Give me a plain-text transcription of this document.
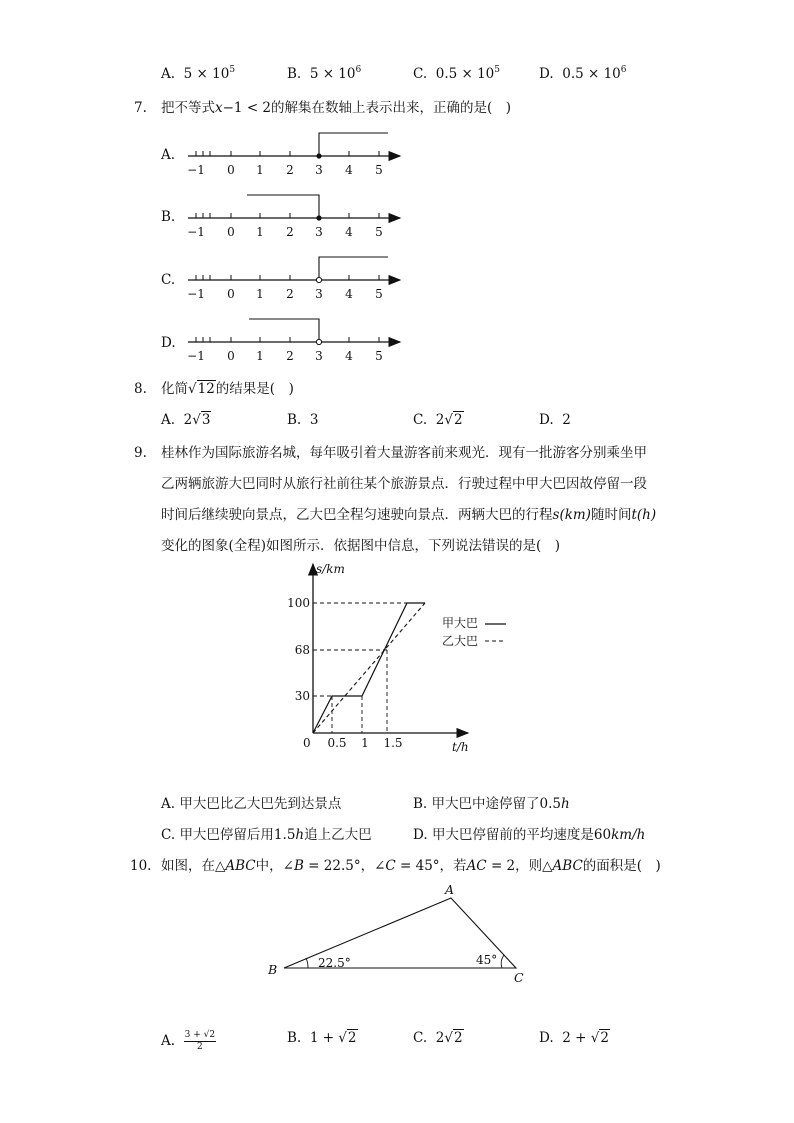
A. $5 \times 10^5$	B. $5 \times 10^6$	C. $0.5 \times 10^5$	D. $0.5 \times 10^6$
7. 把不等式x−1 < 2的解集在数轴上表示出来，正确的是(　)
A.
B.
C.
D.
−1 0 1 2 3 4 5
−1 0 1 2 3 4 5
−1 0 1 2 3 4 5
−1 0 1 2 3 4 5
8. 化简√12的结果是(　)
A. 2√3	B. 3	C. 2√2	D. 2
9. 桂林作为国际旅游名城，每年吸引着大量游客前来观光．现有一批游客分别乘坐甲
乙两辆旅游大巴同时从旅行社前往某个旅游景点．行驶过程中甲大巴因故停留一段
时间后继续驶向景点，乙大巴全程匀速驶向景点．两辆大巴的行程s(km)随时间t(h)
变化的图象(全程)如图所示．依据图中信息，下列说法错误的是(　)
s/km
t/h
0
100
68
30
0.5 1 1.5
甲大巴
乙大巴
A. 甲大巴比乙大巴先到达景点	B. 甲大巴中途停留了0.5h
C. 甲大巴停留后用1.5h追上乙大巴	D. 甲大巴停留前的平均速度是60km/h
10. 如图，在△ABC中，∠B = 22.5°，∠C = 45°，若AC = 2，则△ABC的面积是(　)
A
B
C
22.5°	45°
A. $\frac{3 + √2}{2}$	B. 1 + √2	C. 2√2	D. 2 + √2
